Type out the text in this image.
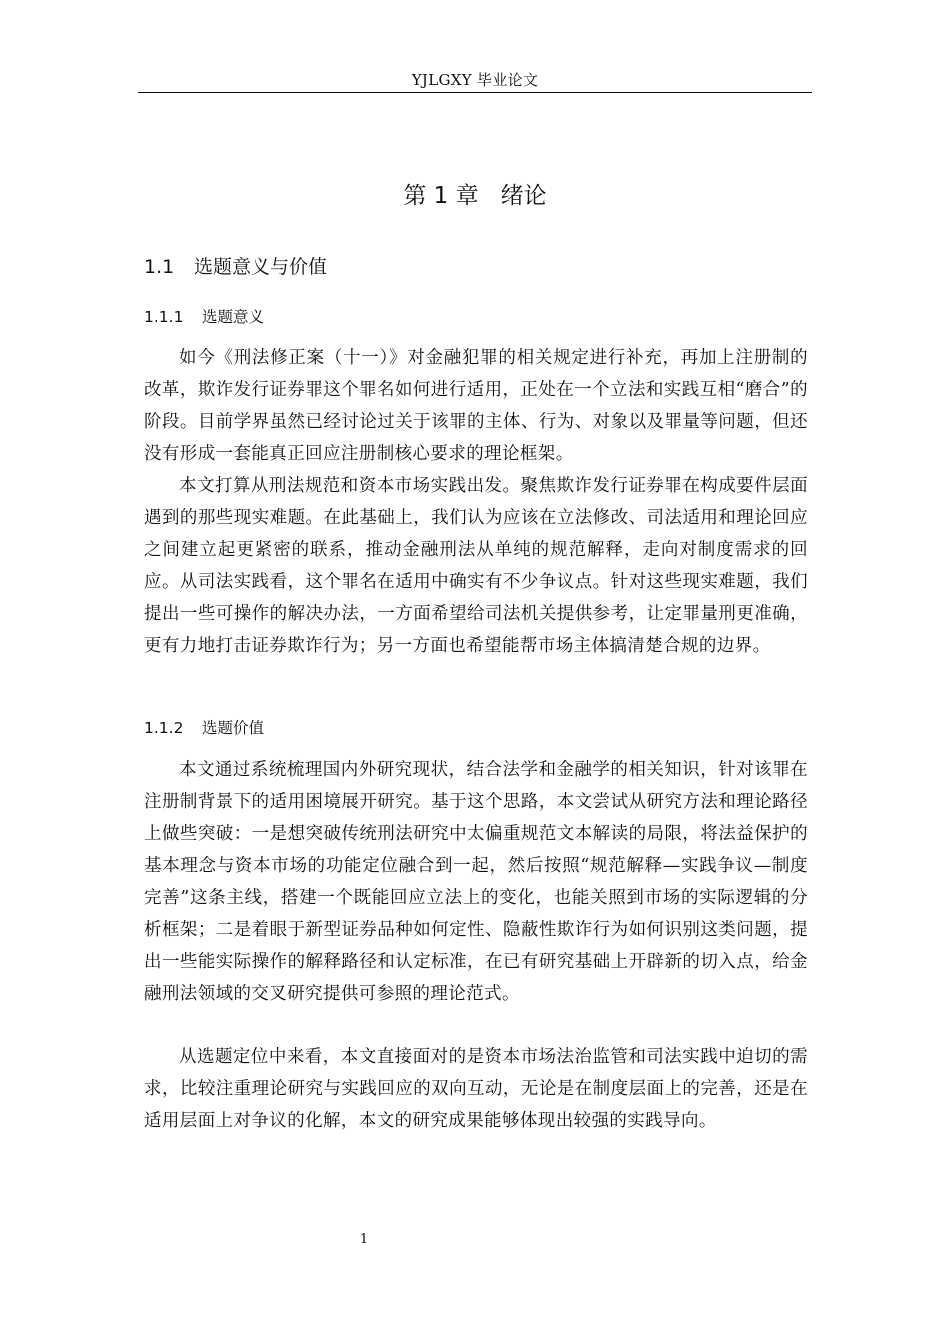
YJLGXY 毕业论文
第 1 章 绪论
1.1 选题意义与价值
1.1.1 选题意义

如今《刑法修正案（十一）》对金融犯罪的相关规定进行补充，再加上注册制的改革，欺诈发行证券罪这个罪名如何进行适用，正处在一个立法和实践互相“磨合”的阶段。目前学界虽然已经讨论过关于该罪的主体、行为、对象以及罪量等问题，但还没有形成一套能真正回应注册制核心要求的理论框架。

本文打算从刑法规范和资本市场实践出发。聚焦欺诈发行证券罪在构成要件层面遇到的那些现实难题。在此基础上，我们认为应该在立法修改、司法适用和理论回应之间建立起更紧密的联系，推动金融刑法从单纯的规范解释，走向对制度需求的回应。从司法实践看，这个罪名在适用中确实有不少争议点。针对这些现实难题，我们提出一些可操作的解决办法，一方面希望给司法机关提供参考，让定罪量刑更准确，更有力地打击证券欺诈行为；另一方面也希望能帮市场主体搞清楚合规的边界。

1.1.2 选题价值

本文通过系统梳理国内外研究现状，结合法学和金融学的相关知识，针对该罪在注册制背景下的适用困境展开研究。基于这个思路，本文尝试从研究方法和理论路径上做些突破：一是想突破传统刑法研究中太偏重规范文本解读的局限，将法益保护的基本理念与资本市场的功能定位融合到一起，然后按照“规范解释—实践争议—制度完善”这条主线，搭建一个既能回应立法上的变化，也能关照到市场的实际逻辑的分析框架；二是着眼于新型证券品种如何定性、隐蔽性欺诈行为如何识别这类问题，提出一些能实际操作的解释路径和认定标准，在已有研究基础上开辟新的切入点，给金融刑法领域的交叉研究提供可参照的理论范式。

从选题定位中来看，本文直接面对的是资本市场法治监管和司法实践中迫切的需求，比较注重理论研究与实践回应的双向互动，无论是在制度层面上的完善，还是在适用层面上对争议的化解，本文的研究成果能够体现出较强的实践导向。

1
